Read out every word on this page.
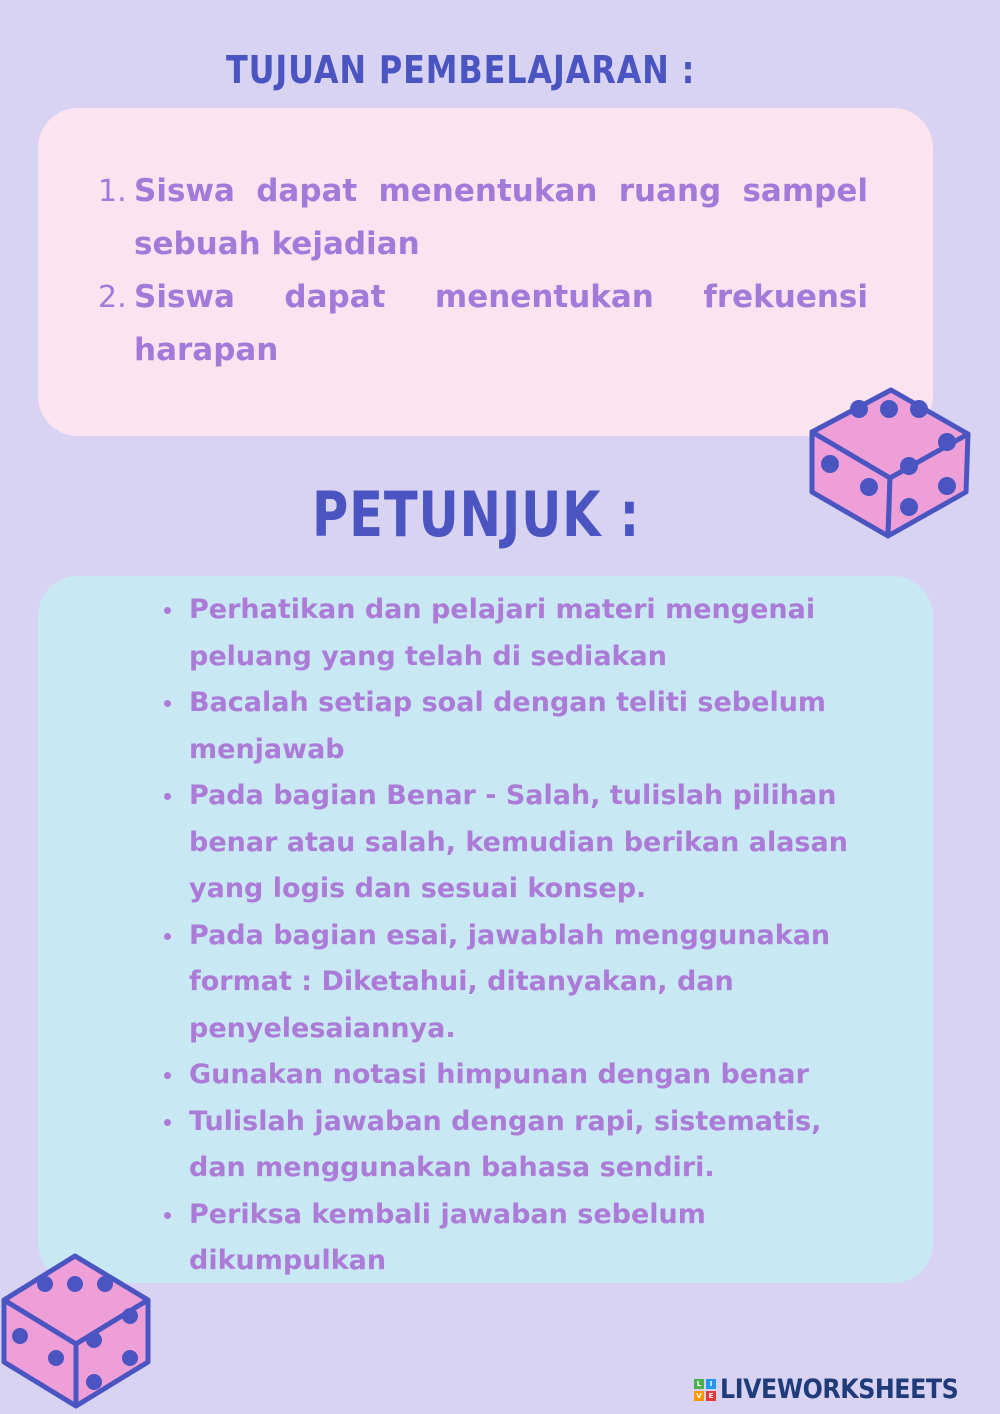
TUJUAN PEMBELAJARAN :
1. Siswa dapat menentukan ruang sampel sebuah kejadian
2. Siswa dapat menentukan frekuensi harapan
PETUNJUK :
Perhatikan dan pelajari materi mengenai peluang yang telah di sediakan
Bacalah setiap soal dengan teliti sebelum menjawab
Pada bagian Benar - Salah, tulislah pilihan benar atau salah, kemudian berikan alasan yang logis dan sesuai konsep.
Pada bagian esai, jawablah menggunakan format : Diketahui, ditanyakan, dan penyelesaiannya.
Gunakan notasi himpunan dengan benar
Tulislah jawaban dengan rapi, sistematis, dan menggunakan bahasa sendiri.
Periksa kembali jawaban sebelum dikumpulkan
L	I
V E LIVEWORKSHEETS
